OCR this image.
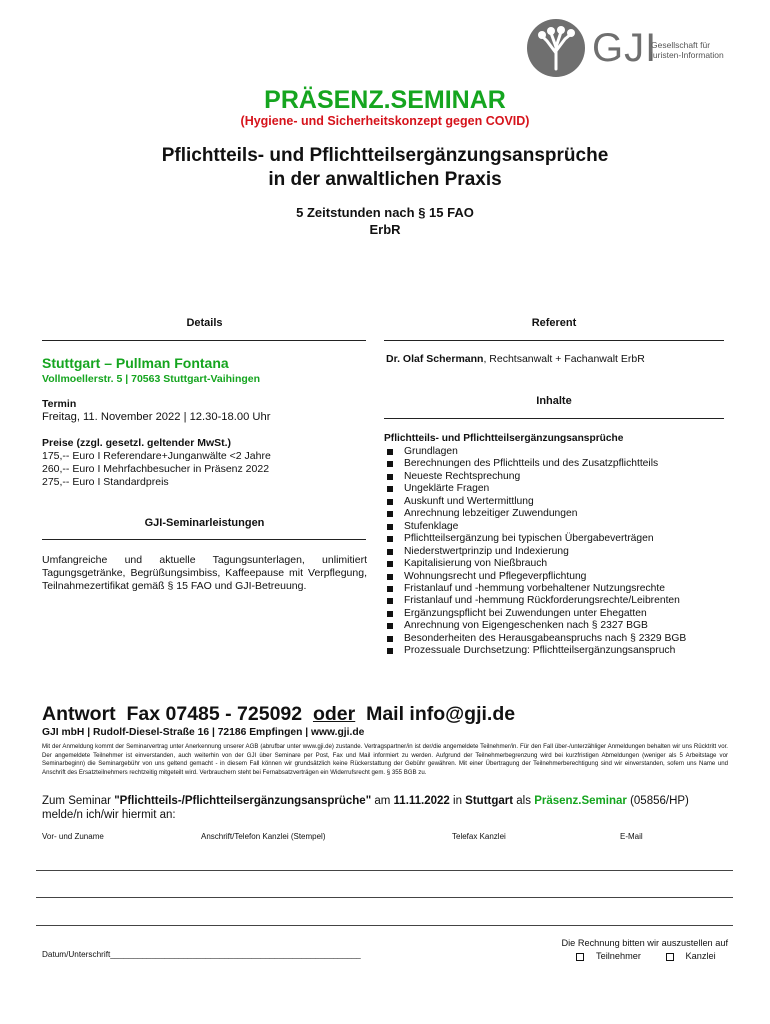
GJI
Gesellschaft für
juristen-Information
PRÄSENZ.SEMINAR
(Hygiene- und Sicherheitskonzept gegen COVID)
Pflichtteils- und Pflichtteilsergänzungsansprüche
in der anwaltlichen Praxis
5 Zeitstunden nach § 15 FAO
ErbR
Details	Referent
Stuttgart – Pullman Fontana
Vollmoellerstr. 5 | 70563 Stuttgart-Vaihingen
Termin
Freitag, 11. November 2022 | 12.30-18.00 Uhr
Preise (zzgl. gesetzl. geltender MwSt.)
175,-- Euro I Referendare+Junganwälte <2 Jahre
260,-- Euro I Mehrfachbesucher in Präsenz 2022
275,-- Euro I Standardpreis
GJI-Seminarleistungen
Umfangreiche und aktuelle Tagungsunterlagen, unlimitiert Tagungsgetränke, Begrüßungsimbiss, Kaffeepause mit Verpflegung, Teilnahmezertifikat gemäß § 15 FAO und GJI-Betreuung.
Dr. Olaf Schermann, Rechtsanwalt + Fachanwalt ErbR
Inhalte
Pflichtteils- und Pflichtteilsergänzungsansprüche
Grundlagen
Berechnungen des Pflichtteils und des Zusatzpflichtteils
Neueste Rechtsprechung
Ungeklärte Fragen
Auskunft und Wertermittlung
Anrechnung lebzeitiger Zuwendungen
Stufenklage
Pflichtteilsergänzung bei typischen Übergabeverträgen
Niederstwertprinzip und Indexierung
Kapitalisierung von Nießbrauch
Wohnungsrecht und Pflegeverpflichtung
Fristanlauf und -hemmung vorbehaltener Nutzungsrechte
Fristanlauf und -hemmung Rückforderungsrechte/Leibrenten
Ergänzungspflicht bei Zuwendungen unter Ehegatten
Anrechnung von Eigengeschenken nach § 2327 BGB
Besonderheiten des Herausgabeanspruchs nach § 2329 BGB
Prozessuale Durchsetzung: Pflichtteilsergänzungsanspruch
Antwort  Fax 07485 - 725092  oder  Mail info@gji.de
GJI mbH | Rudolf-Diesel-Straße 16 | 72186 Empfingen | www.gji.de
Mit der Anmeldung kommt der Seminarvertrag unter Anerkennung unserer AGB (abrufbar unter www.gji.de) zustande. Vertragspartner/in ist der/die angemeldete Teilnehmer/in. Für den Fall über-/unterzähliger Anmeldungen behalten wir uns Rücktritt vor. Der angemeldete Teilnehmer ist einverstanden, auch weiterhin von der GJI über Seminare per Post, Fax und Mail informiert zu werden. Aufgrund der Teilnehmerbegrenzung wird bei kurzfristigen Abmeldungen (weniger als 5 Arbeitstage vor Seminarbeginn) die Seminargebühr von uns geltend gemacht - in diesem Fall können wir grundsätzlich keine Rückerstattung der Gebühr gewähren. Mit einer Übertragung der Teilnehmerberechtigung sind wir einverstanden, sofern uns Name und Anschrift des Ersatzteilnehmers rechtzeitig mitgeteilt wird. Verbrauchern steht bei Fernabsatzverträgen ein Widerrufsrecht gem. § 355 BGB zu.
Zum Seminar "Pflichtteils-/Pflichtteilsergänzungsansprüche" am 11.11.2022 in Stuttgart als Präsenz.Seminar (05856/HP)
melde/n ich/wir hiermit an:
Vor- und Zuname	Anschrift/Telefon Kanzlei (Stempel)	Telefax Kanzlei	E-Mail
Datum/Unterschrift_______________________________________________________
Die Rechnung bitten wir auszustellen auf
Teilnehmer	Kanzlei
